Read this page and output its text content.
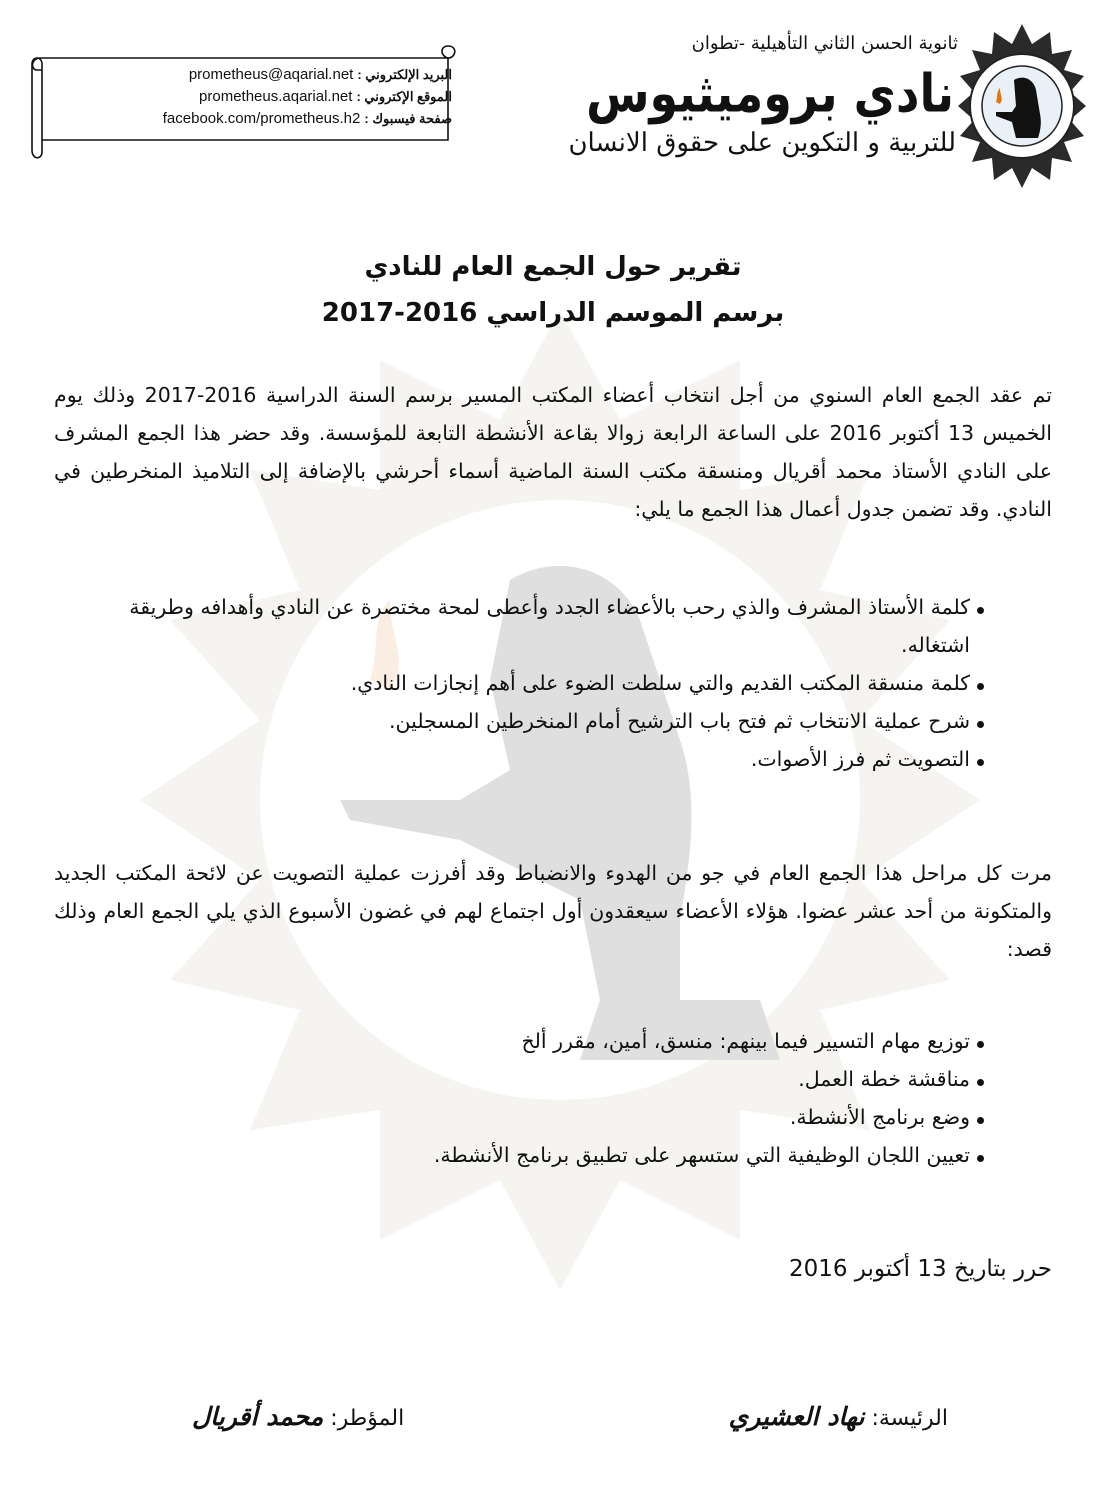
البريد الإلكتروني :
prometheus@aqarial.net
الموقع الإكتروني :
prometheus.aqarial.net
صفحة فيسبوك :
facebook.com/prometheus.h2
ثانوية الحسن الثاني التأهيلية -تطوان
نادي بروميثيوس
للتربية و التكوين على حقوق الانسان
تقرير حول الجمع العام للنادي
برسم الموسم الدراسي 2016-2017
تم عقد الجمع العام السنوي من أجل انتخاب أعضاء المكتب المسير برسم السنة الدراسية 2016-2017 وذلك يوم الخميس 13 أكتوبر 2016 على الساعة الرابعة زوالا بقاعة الأنشطة التابعة للمؤسسة. وقد حضر هذا الجمع المشرف على النادي الأستاذ محمد أقريال ومنسقة مكتب السنة الماضية أسماء أحرشي بالإضافة إلى التلاميذ المنخرطين في النادي. وقد تضمن جدول أعمال هذا الجمع ما يلي:
كلمة الأستاذ المشرف والذي رحب بالأعضاء الجدد وأعطى لمحة مختصرة عن النادي وأهدافه وطريقة اشتغاله.
كلمة منسقة المكتب القديم والتي سلطت الضوء على أهم إنجازات النادي.
شرح عملية الانتخاب ثم فتح باب الترشيح أمام المنخرطين المسجلين.
التصويت ثم فرز الأصوات.
مرت كل مراحل هذا الجمع العام في جو من الهدوء والانضباط وقد أفرزت عملية التصويت عن لائحة المكتب الجديد والمتكونة من أحد عشر عضوا. هؤلاء الأعضاء سيعقدون أول اجتماع لهم في غضون الأسبوع الذي يلي الجمع العام وذلك قصد:
توزيع مهام التسيير فيما بينهم: منسق، أمين، مقرر ألخ
مناقشة خطة العمل.
وضع برنامج الأنشطة.
تعيين اللجان الوظيفية التي ستسهر على تطبيق برنامج الأنشطة.
حرر بتاريخ 13 أكتوبر 2016
الرئيسة: نهاد العشيري
المؤطر: محمد أقريال
